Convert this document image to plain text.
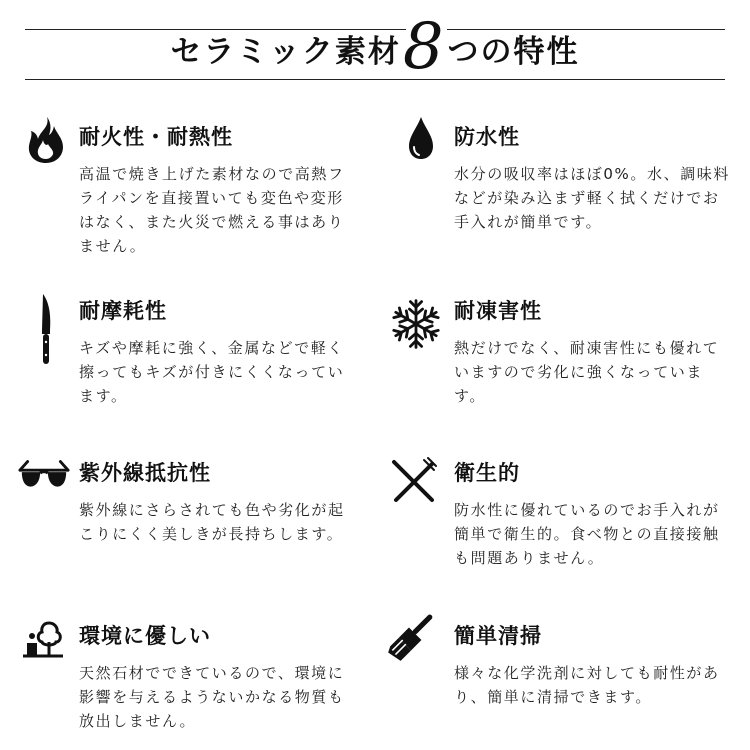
セラミック素材8つの特性
耐火性・耐熱性

高温で焼き上げた素材なので高熱フライパンを直接置いても変色や変形はなく、また火災で燃える事はありません。

防水性

水分の吸収率はほぼ0%。水、調味料などが染み込まず軽く拭くだけでお手入れが簡単です。

耐摩耗性

キズや摩耗に強く、金属などで軽く擦ってもキズが付きにくくなっています。

耐凍害性

熱だけでなく、耐凍害性にも優れていますので劣化に強くなっています。

紫外線抵抗性

紫外線にさらされても色や劣化が起こりにくく美しきが長持ちします。

衛生的

防水性に優れているのでお手入れが簡単で衛生的。食べ物との直接接触も問題ありません。

環境に優しい

天然石材でできているので、環境に影響を与えるようないかなる物質も放出しません。

簡単清掃

様々な化学洗剤に対しても耐性があり、簡単に清掃できます。
